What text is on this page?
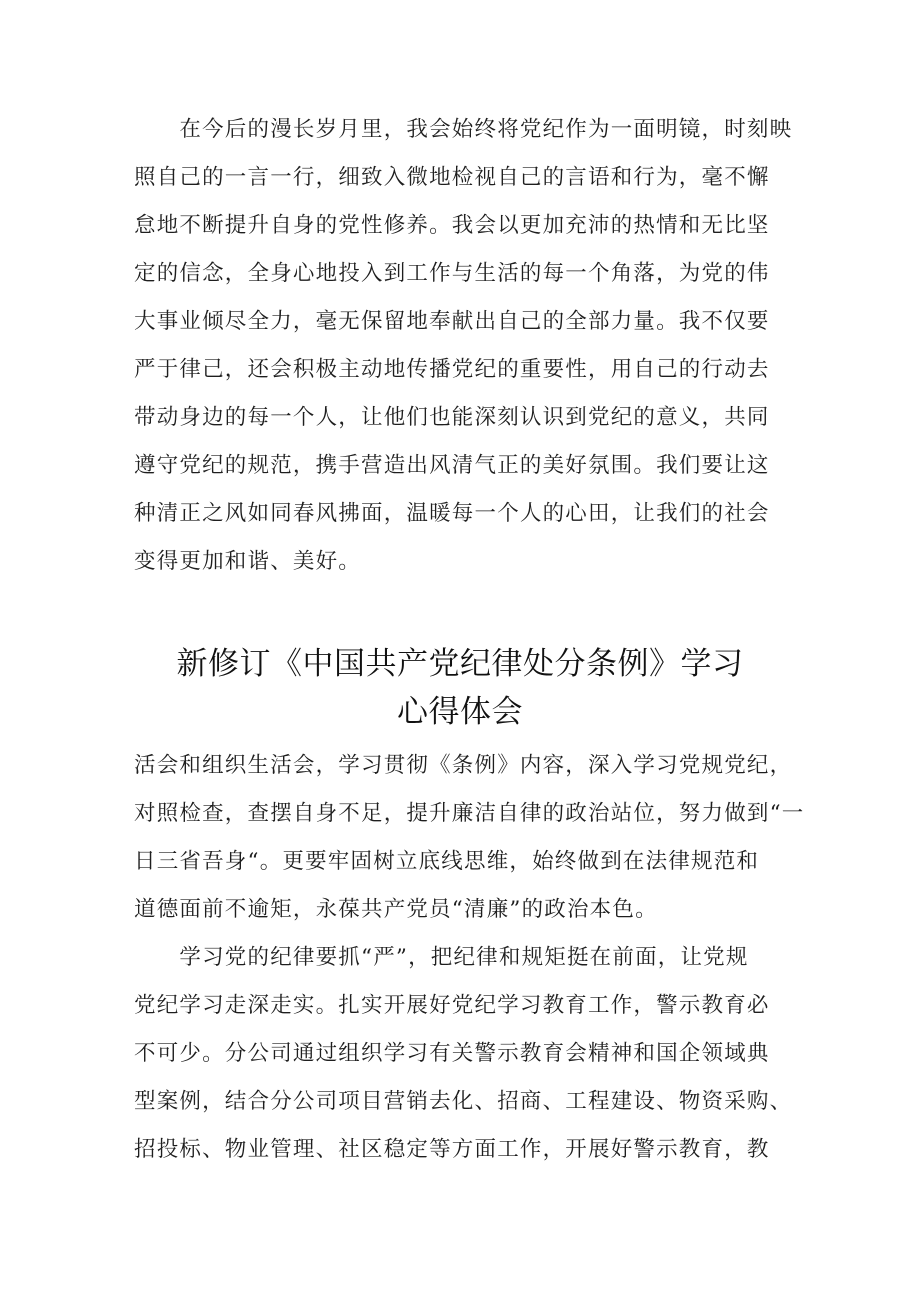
　　在今后的漫长岁月里，我会始终将党纪作为一面明镜，时刻映
照自己的一言一行，细致入微地检视自己的言语和行为，毫不懈
怠地不断提升自身的党性修养。我会以更加充沛的热情和无比坚
定的信念，全身心地投入到工作与生活的每一个角落，为党的伟
大事业倾尽全力，毫无保留地奉献出自己的全部力量。我不仅要
严于律己，还会积极主动地传播党纪的重要性，用自己的行动去
带动身边的每一个人，让他们也能深刻认识到党纪的意义，共同
遵守党纪的规范，携手营造出风清气正的美好氛围。我们要让这
种清正之风如同春风拂面，温暖每一个人的心田，让我们的社会
变得更加和谐、美好。
新修订《中国共产党纪律处分条例》学习
心得体会
活会和组织生活会，学习贯彻《条例》内容，深入学习党规党纪，
对照检查，查摆自身不足，提升廉洁自律的政治站位，努力做到“一
日三省吾身“。更要牢固树立底线思维，始终做到在法律规范和
道德面前不逾矩，永葆共产党员“清廉”的政治本色。
　　学习党的纪律要抓“严”，把纪律和规矩挺在前面，让党规
党纪学习走深走实。扎实开展好党纪学习教育工作，警示教育必
不可少。分公司通过组织学习有关警示教育会精神和国企领域典
型案例，结合分公司项目营销去化、招商、工程建设、物资采购、
招投标、物业管理、社区稳定等方面工作，开展好警示教育，教
